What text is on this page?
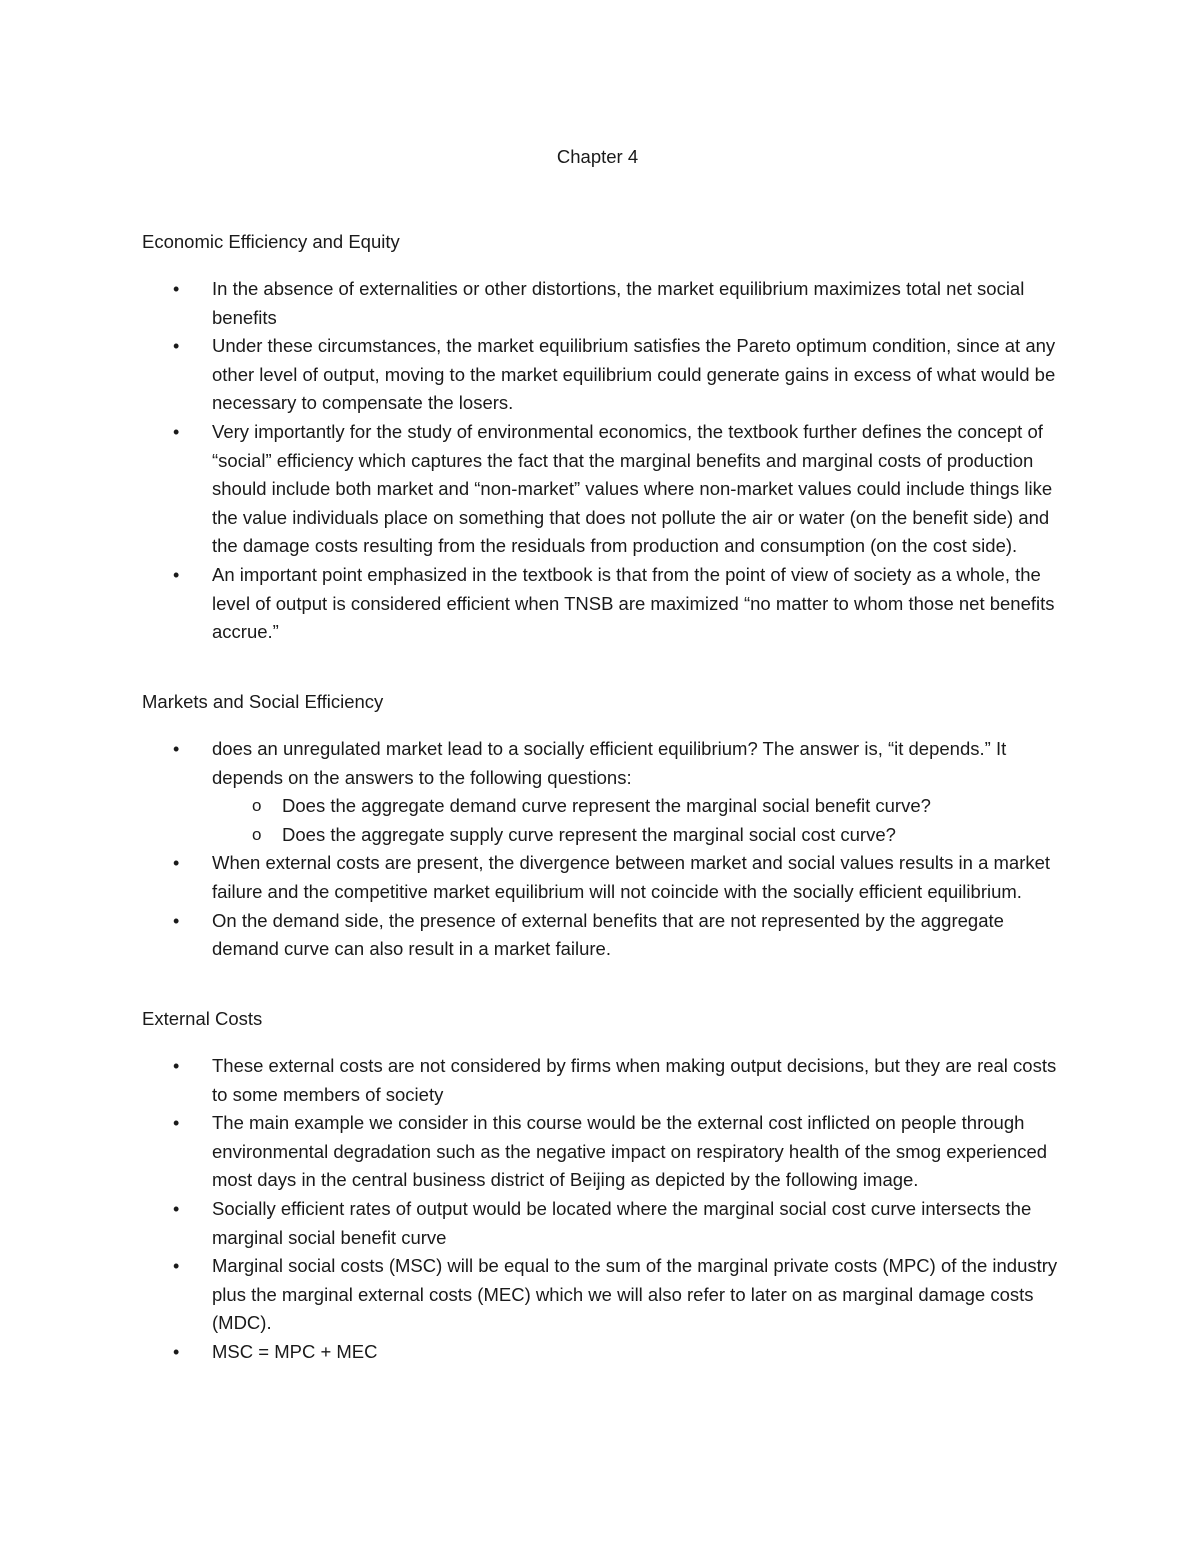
Chapter 4

Economic Efficiency and Equity

• In the absence of externalities or other distortions, the market equilibrium maximizes total net social benefits
• Under these circumstances, the market equilibrium satisfies the Pareto optimum condition, since at any other level of output, moving to the market equilibrium could generate gains in excess of what would be necessary to compensate the losers.
• Very importantly for the study of environmental economics, the textbook further defines the concept of “social” efficiency which captures the fact that the marginal benefits and marginal costs of production should include both market and “non-market” values where non-market values could include things like the value individuals place on something that does not pollute the air or water (on the benefit side) and the damage costs resulting from the residuals from production and consumption (on the cost side).
• An important point emphasized in the textbook is that from the point of view of society as a whole, the level of output is considered efficient when TNSB are maximized “no matter to whom those net benefits accrue.”

Markets and Social Efficiency

• does an unregulated market lead to a socially efficient equilibrium? The answer is, “it depends.” It depends on the answers to the following questions:
o Does the aggregate demand curve represent the marginal social benefit curve?
o Does the aggregate supply curve represent the marginal social cost curve?
• When external costs are present, the divergence between market and social values results in a market failure and the competitive market equilibrium will not coincide with the socially efficient equilibrium.
• On the demand side, the presence of external benefits that are not represented by the aggregate demand curve can also result in a market failure.

External Costs

• These external costs are not considered by firms when making output decisions, but they are real costs to some members of society
• The main example we consider in this course would be the external cost inflicted on people through environmental degradation such as the negative impact on respiratory health of the smog experienced most days in the central business district of Beijing as depicted by the following image.
• Socially efficient rates of output would be located where the marginal social cost curve intersects the marginal social benefit curve
• Marginal social costs (MSC) will be equal to the sum of the marginal private costs (MPC) of the industry plus the marginal external costs (MEC) which we will also refer to later on as marginal damage costs (MDC).
• MSC = MPC + MEC
